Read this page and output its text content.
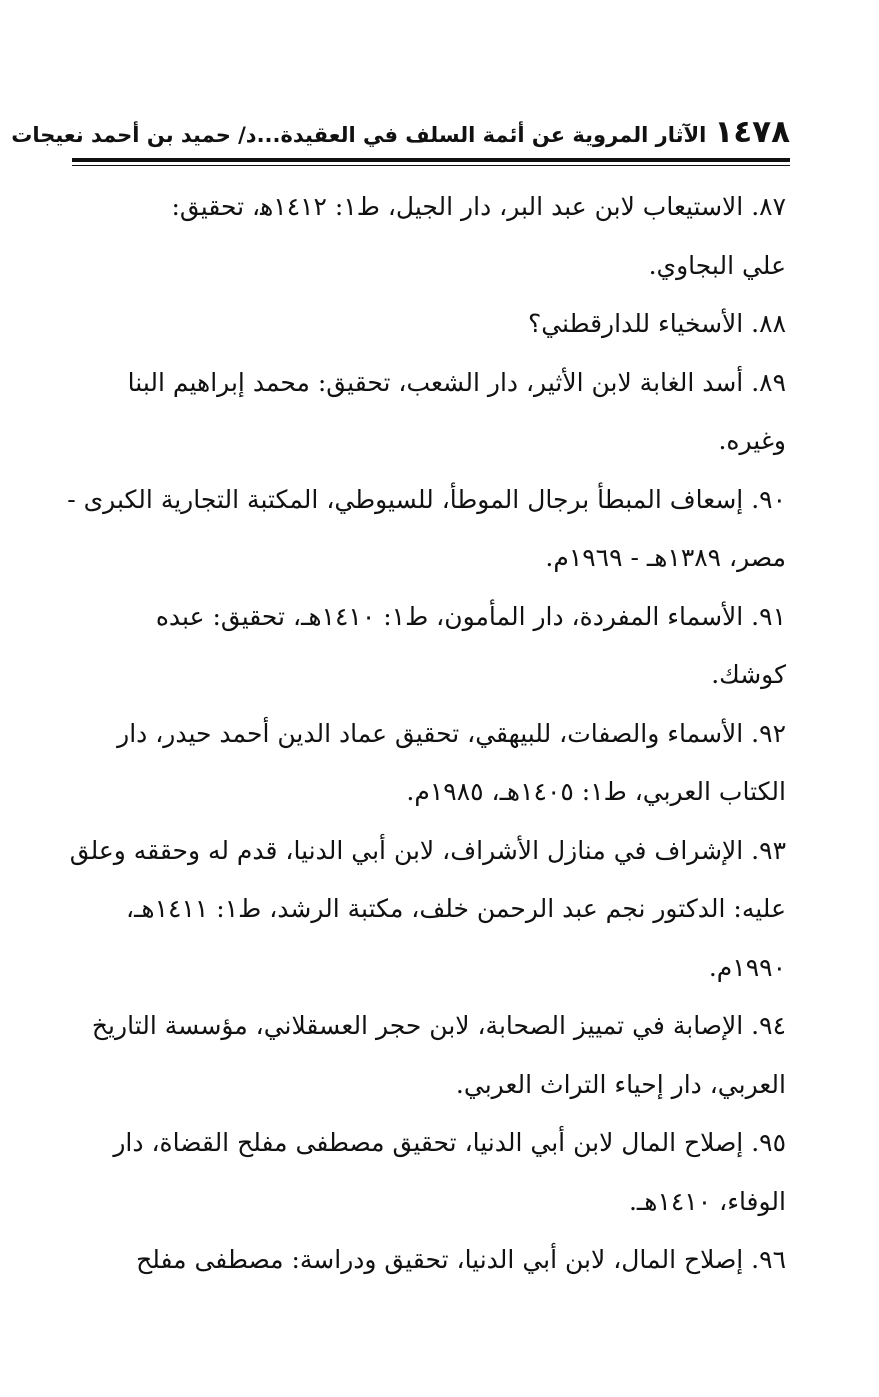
١٤٧٨
الآثار المروية عن أئمة السلف في العقيدة...د/ حميد بن أحمد نعيجات
٨٧. الاستيعاب لابن عبد البر، دار الجيل، ط١: ١٤١٢ﻫ، تحقيق:
علي البجاوي.
٨٨. الأسخياء للدارقطني؟
٨٩. أسد الغابة لابن الأثير، دار الشعب، تحقيق: محمد إبراهيم البنا
وغيره.
٩٠. إسعاف المبطأ برجال الموطأ، للسيوطي، المكتبة التجارية الكبرى -
مصر، ١٣٨٩ﻫـ - ١٩٦٩م.
٩١. الأسماء المفردة، دار المأمون، ط١: ١٤١٠ﻫـ، تحقيق: عبده
كوشك.
٩٢. الأسماء والصفات، للبيهقي، تحقيق عماد الدين أحمد حيدر، دار
الكتاب العربي، ط١: ١٤٠٥ﻫـ، ١٩٨٥م.
٩٣. الإشراف في منازل الأشراف، لابن أبي الدنيا، قدم له وحققه وعلق
عليه: الدكتور نجم عبد الرحمن خلف، مكتبة الرشد، ط١: ١٤١١ﻫـ،
١٩٩٠م.
٩٤. الإصابة في تمييز الصحابة، لابن حجر العسقلاني، مؤسسة التاريخ
العربي، دار إحياء التراث العربي.
٩٥. إصلاح المال لابن أبي الدنيا، تحقيق مصطفى مفلح القضاة، دار
الوفاء، ١٤١٠ﻫـ.
٩٦. إصلاح المال، لابن أبي الدنيا، تحقيق ودراسة: مصطفى مفلح
